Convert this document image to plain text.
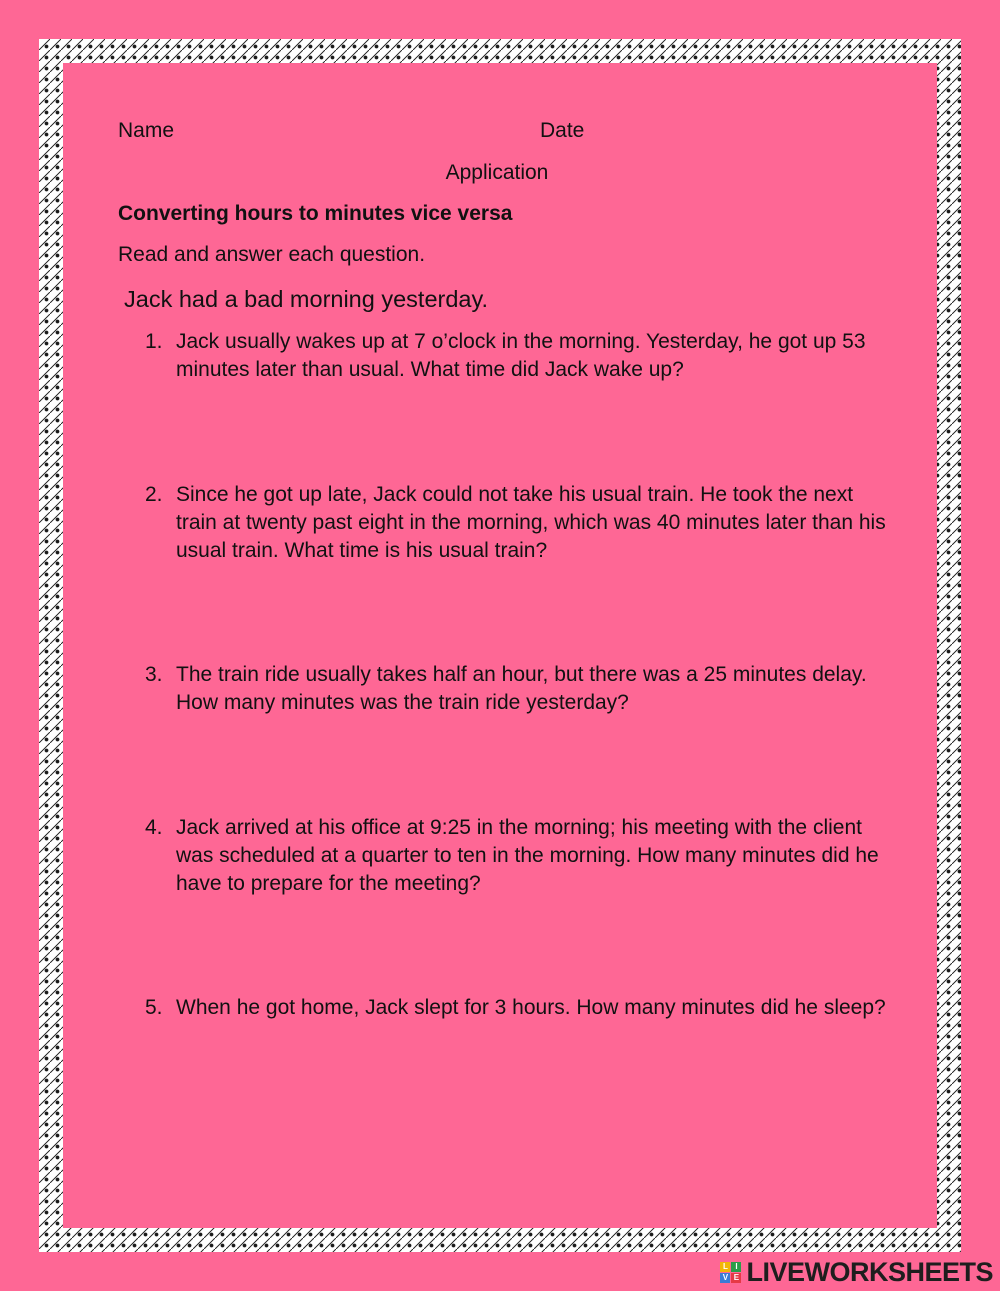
Name	Date
Application
Converting hours to minutes vice versa
Read and answer each question.
Jack had a bad morning yesterday.
1. Jack usually wakes up at 7 o’clock in the morning. Yesterday, he got up 53 minutes later than usual. What time did Jack wake up?
2. Since he got up late, Jack could not take his usual train. He took the next train at twenty past eight in the morning, which was 40 minutes later than his usual train. What time is his usual train?
3. The train ride usually takes half an hour, but there was a 25 minutes delay. How many minutes was the train ride yesterday?
4. Jack arrived at his office at 9:25 in the morning; his meeting with the client was scheduled at a quarter to ten in the morning. How many minutes did he have to prepare for the meeting?
5. When he got home, Jack slept for 3 hours. How many minutes did he sleep?
L I
V E LIVEWORKSHEETS
